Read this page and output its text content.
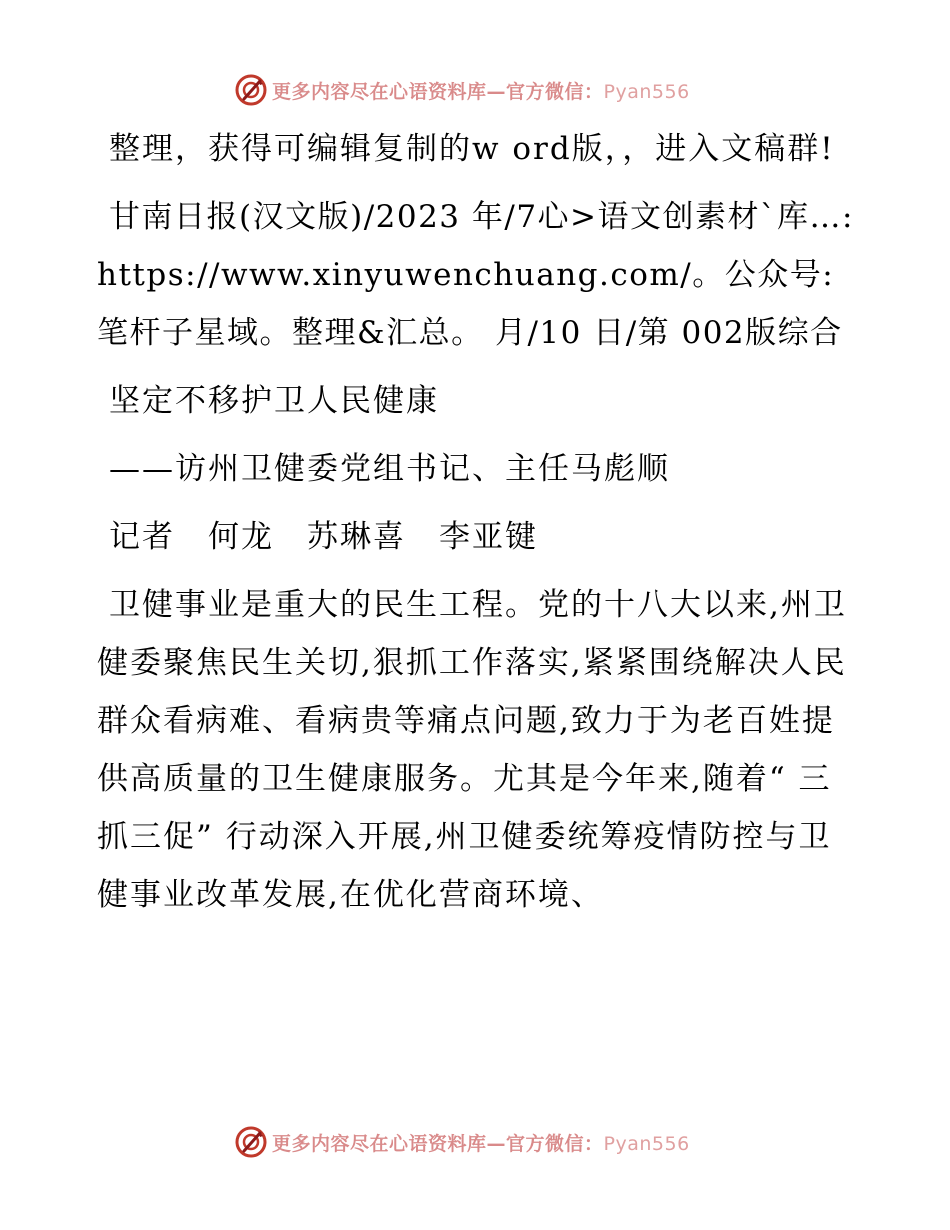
更多内容尽在心语资料库—官方微信：Pyan556

整理，获得可编辑复制的w ord版，，进入文稿群!

甘南日报(汉文版)/2023 年/7心>语文创素材`库…: https://www.xinyuwenchuang.com/。公众号: 笔杆子星域。整理&汇总。 月/10 日/第 002版综合

坚定不移护卫人民健康

——访州卫健委党组书记、主任马彪顺

记者　何龙　苏琳喜　李亚键

卫健事业是重大的民生工程。党的十八大以来,州卫健委聚焦民生关切,狠抓工作落实,紧紧围绕解决人民群众看病难、看病贵等痛点问题,致力于为老百姓提供高质量的卫生健康服务。尤其是今年来,随着“ 三抓三促” 行动深入开展,州卫健委统筹疫情防控与卫健事业改革发展,在优化营商环境、

更多内容尽在心语资料库—官方微信：Pyan556
